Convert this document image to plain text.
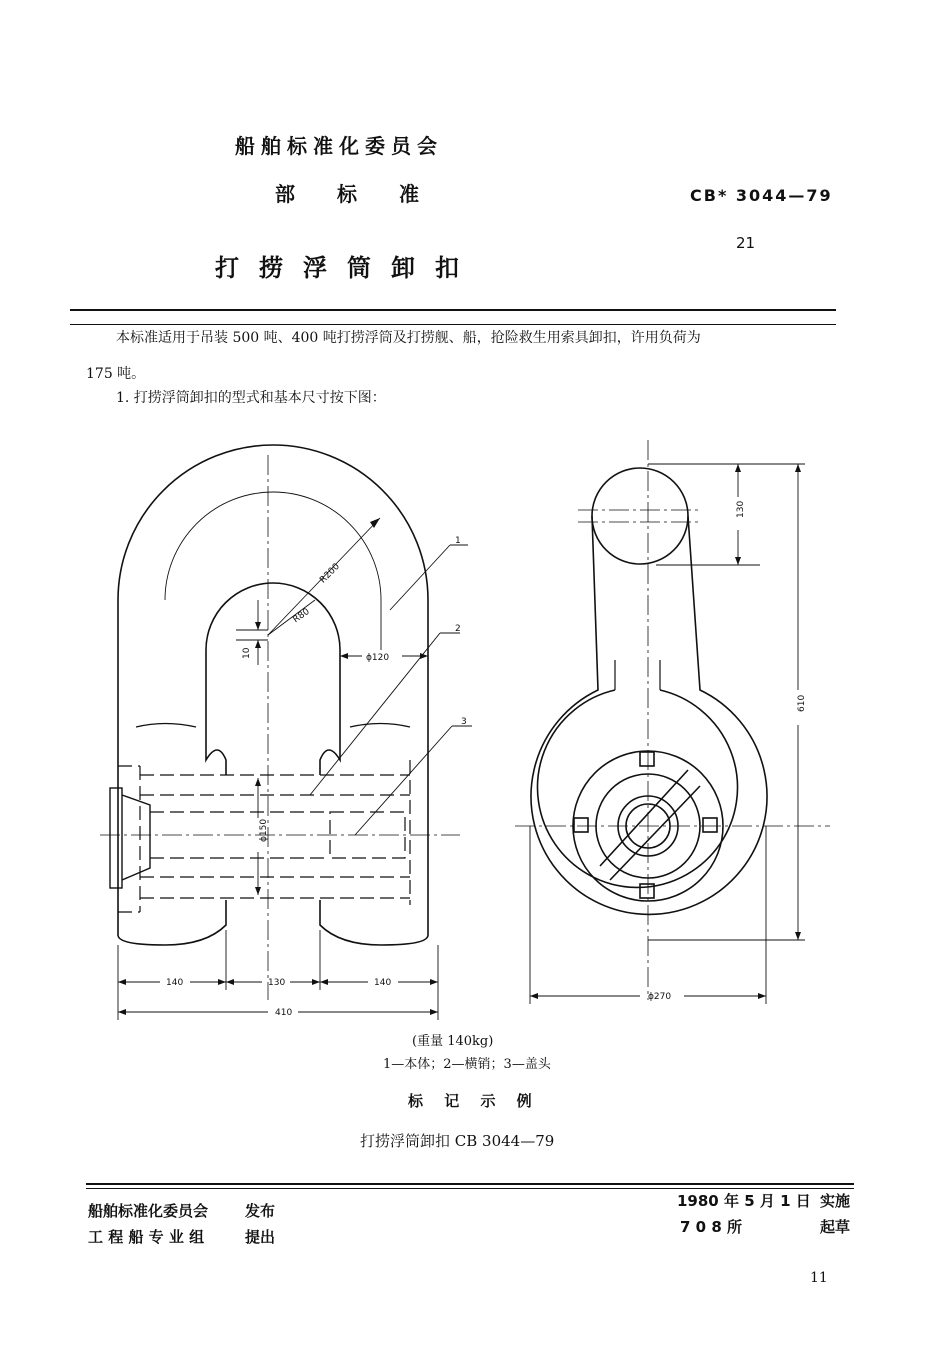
船舶标准化委员会
部 标 准	CB* 3044—79
21
打捞浮筒卸扣
本标准适用于吊装 500 吨、400 吨打捞浮筒及打捞舰、船，抢险救生用索具卸扣，许用负荷为
175 吨。
1. 打捞浮筒卸扣的型式和基本尺寸按下图：
R200
R80
10	ϕ120
ϕ150
140	130	140
410
1
2
3
130
610
ϕ270
(重量 140kg)
1—本体；2—横销；3—盖头
标 记 示 例
打捞浮筒卸扣 CB 3044—79
船舶标准化委员会 发布
工 程 船 专 业 组	提出
1980 年 5 月 1 日 实施
7 0 8 所	起草
11
